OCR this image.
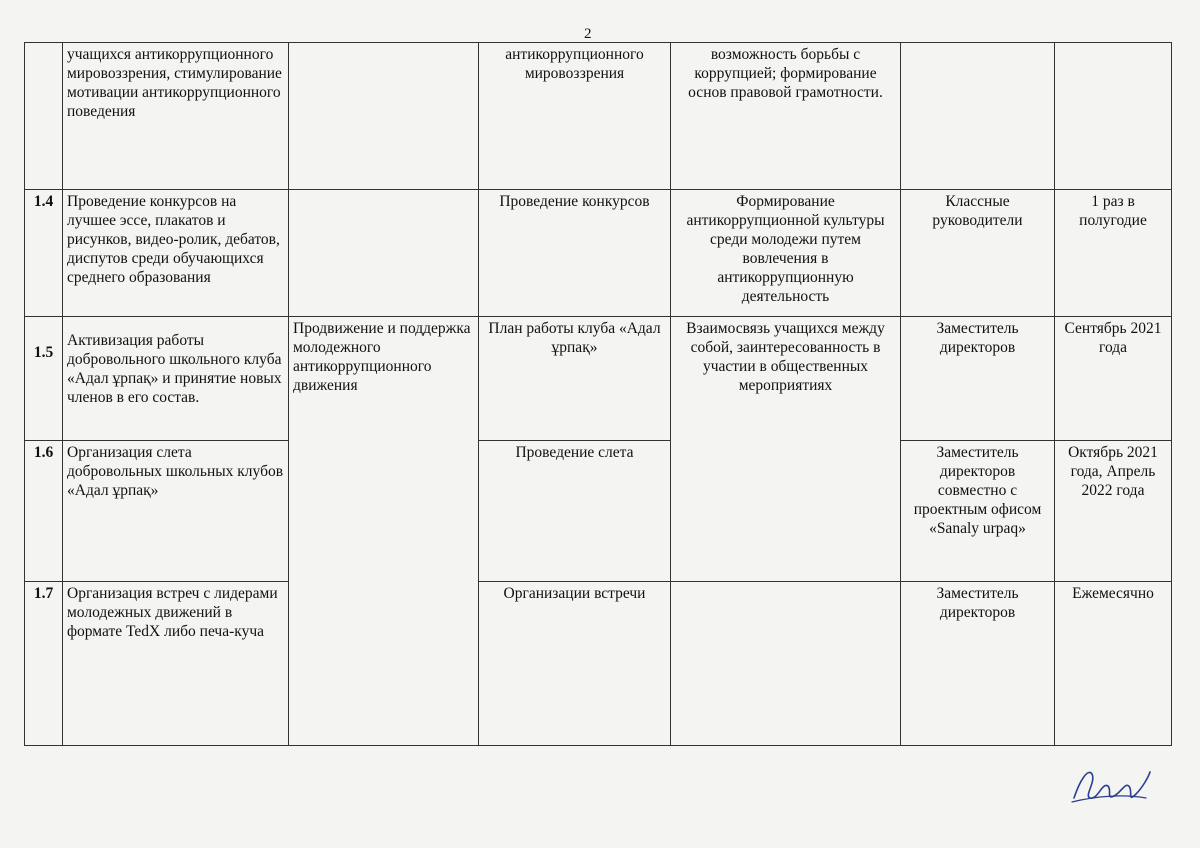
2

	учащихся антикоррупционного мировоззрения, стимулирование мотивации антикоррупционного поведения		антикоррупционного мировоззрения	возможность борьбы с коррупцией; формирование основ правовой грамотности.		
1.4	Проведение конкурсов на лучшее эссе, плакатов и рисунков, видео-ролик, дебатов, диспутов среди обучающихся среднего образования		Проведение конкурсов	Формирование антикоррупционной культуры среди молодежи путем вовлечения в антикоррупционную деятельность	Классные руководители	1 раз в полугодие
1.5	Активизация работы добровольного школьного клуба «Адал ұрпақ» и принятие новых членов в его состав.	Продвижение и поддержка молодежного антикоррупционного движения	План работы клуба «Адал ұрпақ»	Взаимосвязь учащихся между собой, заинтересованность в участии в общественных мероприятиях	Заместитель директоров	Сентябрь 2021 года
1.6	Организация слета добровольных школьных клубов «Адал ұрпақ»		Проведение слета		Заместитель директоров совместно с проектным офисом «Sanaly urpaq»	Октябрь 2021 года, Апрель 2022 года
1.7	Организация встреч с лидерами молодежных движений в формате TedX либо печа-куча		Организации встречи		Заместитель директоров	Ежемесячно
